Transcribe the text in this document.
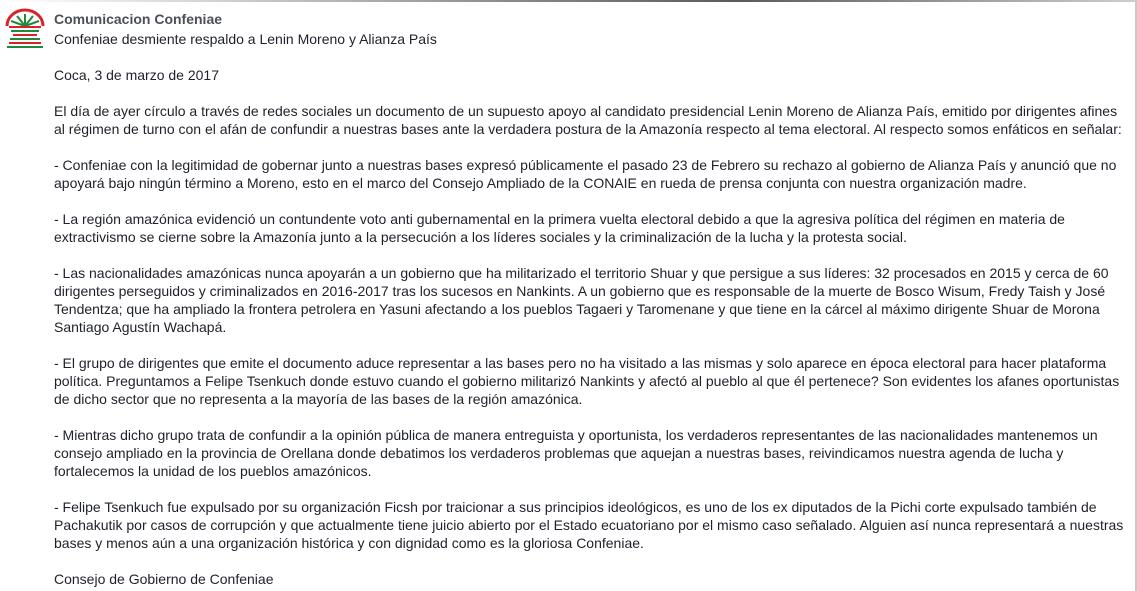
Comunicacion Confeniae
Confeniae desmiente respaldo a Lenin Moreno y Alianza País

Coca, 3 de marzo de 2017

El día de ayer círculo a través de redes sociales un documento de un supuesto apoyo al candidato presidencial Lenin Moreno de Alianza País, emitido por dirigentes afines al régimen de turno con el afán de confundir a nuestras bases ante la verdadera postura de la Amazonía respecto al tema electoral. Al respecto somos enfáticos en señalar:

- Confeniae con la legitimidad de gobernar junto a nuestras bases expresó públicamente el pasado 23 de Febrero su rechazo al gobierno de Alianza País y anunció que no apoyará bajo ningún término a Moreno, esto en el marco del Consejo Ampliado de la CONAIE en rueda de prensa conjunta con nuestra organización madre.

- La región amazónica evidenció un contundente voto anti gubernamental en la primera vuelta electoral debido a que la agresiva política del régimen en materia de extractivismo se cierne sobre la Amazonía junto a la persecución a los líderes sociales y la criminalización de la lucha y la protesta social.

- Las nacionalidades amazónicas nunca apoyarán a un gobierno que ha militarizado el territorio Shuar y que persigue a sus líderes: 32 procesados en 2015 y cerca de 60 dirigentes perseguidos y criminalizados en 2016-2017 tras los sucesos en Nankints. A un gobierno que es responsable de la muerte de Bosco Wisum, Fredy Taish y José Tendentza; que ha ampliado la frontera petrolera en Yasuni afectando a los pueblos Tagaeri y Taromenane y que tiene en la cárcel al máximo dirigente Shuar de Morona Santiago Agustín Wachapá.

- El grupo de dirigentes que emite el documento aduce representar a las bases pero no ha visitado a las mismas y solo aparece en época electoral para hacer plataforma política. Preguntamos a Felipe Tsenkuch donde estuvo cuando el gobierno militarizó Nankints y afectó al pueblo al que él pertenece? Son evidentes los afanes oportunistas de dicho sector que no representa a la mayoría de las bases de la región amazónica.

- Mientras dicho grupo trata de confundir a la opinión pública de manera entreguista y oportunista, los verdaderos representantes de las nacionalidades mantenemos un consejo ampliado en la provincia de Orellana donde debatimos los verdaderos problemas que aquejan a nuestras bases, reivindicamos nuestra agenda de lucha y fortalecemos la unidad de los pueblos amazónicos.

- Felipe Tsenkuch fue expulsado por su organización Ficsh por traicionar a sus principios ideológicos, es uno de los ex diputados de la Pichi corte expulsado también de Pachakutik por casos de corrupción y que actualmente tiene juicio abierto por el Estado ecuatoriano por el mismo caso señalado. Alguien así nunca representará a nuestras bases y menos aún a una organización histórica y con dignidad como es la gloriosa Confeniae.

Consejo de Gobierno de Confeniae
